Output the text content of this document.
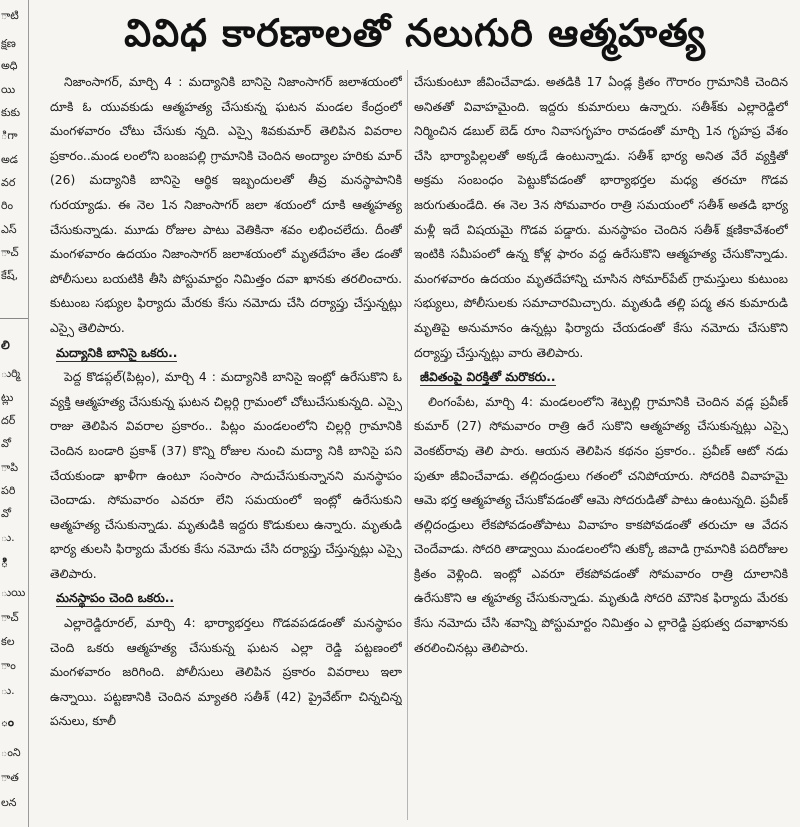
ాటి
క్షణ
అధి
యి
కుకు
ిగా
అడ
వర
రిం
ఎస్
ాచ్
కేష్,
లి
ుర్మి
ట్లు
దర్
వో
ాపి
పరి
వో
ు.
ి
ుయి
ాచ్
కల
ాం
ు.
ం
ంని
ాత
లన
వివిధ కారణాలతో నలుగురి ఆత్మహత్య

నిజాంసాగర్, మార్చి 4 : మద్యానికి బానిసై నిజాంసాగర్ జలాశయంలో దూకి ఓ యువకుడు ఆత్మహత్య చేసుకున్న ఘటన మండల కేంద్రంలో మంగళవారం చోటు చేసుకు న్నది. ఎస్సై శివకుమార్ తెలిపిన వివరాల ప్రకారం..మండ లంలోని బంజపల్లి గ్రామానికి చెందిన అంద్యాల హరికు మార్ (26) మద్యానికి బానిసై ఆర్థిక ఇబ్బందులతో తీవ్ర మనస్థాపానికి గురయ్యాడు. ఈ నెల 1న నిజాంసాగర్ జలా శయంలో దూకి ఆత్మహత్య చేసుకున్నాడు. మూడు రోజుల పాటు వెతికినా శవం లభించలేదు. దీంతో మంగళవారం ఉదయం నిజాంసాగర్ జలాశయంలో మృతదేహం తేల డంతో పోలీసులు బయటికి తీసి పోస్టుమార్టం నిమిత్తం దవా ఖానకు తరలించారు. కుటుంబ సభ్యుల ఫిర్యాదు మేరకు కేసు నమోదు చేసి దర్యాప్తు చేస్తున్నట్లు ఎస్సై తెలిపారు.

మద్యానికి బానిసై ఒకరు..

పెద్ద కొడప్గల్(పిట్లం), మార్చి 4 : మద్యానికి బానిసై ఇంట్లో ఉరేసుకొని ఓ వ్యక్తి ఆత్మహత్య చేసుకున్న ఘటన చిల్లర్గి గ్రామంలో చోటుచేసుకున్నది. ఎస్సై రాజు తెలిపిన వివరాల ప్రకారం.. పిట్లం మండలంలోని చిల్లర్గి గ్రామానికి చెందిన బండారి ప్రకాశ్ (37) కొన్ని రోజుల నుంచి మద్యా నికి బానిసై పని చేయకుండా ఖాళీగా ఉంటూ సంసారం సాదుచేసుకున్నానని మనస్థాపం చెందాడు. సోమవారం ఎవరూ లేని సమయంలో ఇంట్లో ఉరేసుకుని ఆత్మహత్య చేసుకున్నాడు. మృతుడికి ఇద్దరు కొడుకులు ఉన్నారు. మృతుడి భార్య తులసి ఫిర్యాదు మేరకు కేసు నమోదు చేసి దర్యాప్తు చేస్తున్నట్లు ఎస్సై తెలిపారు.

మనస్థాపం చెంది ఒకరు..

ఎల్లారెడ్డిరూరల్, మార్చి 4: భార్యాభర్తలు గొడవపడడంతో మనస్థాపం చెంది ఒకరు ఆత్మహత్య చేసుకున్న ఘటన ఎల్లా రెడ్డి పట్టణంలో మంగళవారం జరిగింది. పోలీసులు తెలిపిన ప్రకారం వివరాలు ఇలా ఉన్నాయి. పట్టణానికి చెందిన మ్యాతరి సతీశ్ (42) ప్రైవేట్‌గా చిన్నచిన్న పనులు, కూలీ

చేసుకుంటూ జీవించేవాడు. అతడికి 17 ఏండ్ల క్రితం గౌరారం గ్రామానికి చెందిన అనితతో వివాహమైంది. ఇద్దరు కుమారులు ఉన్నారు. సతీశ్‌కు ఎల్లారెడ్డిలో నిర్మించిన డబుల్ బెడ్ రూం నివాసగృహం రావడంతో మార్చి 1న గృహప్ర వేశం చేసి భార్యాపిల్లలతో అక్కడే ఉంటున్నాడు. సతీశ్ భార్య అనిత వేరే వ్యక్తితో అక్రమ సంబంధం పెట్టుకోవడంతో భార్యాభర్తల మధ్య తరచూ గొడవ జరుగుతుండేది. ఈ నెల 3న సోమవారం రాత్రి సమయంలో సతీశ్ అతడి భార్య మళ్లీ ఇదే విషయమై గొడవ పడ్డారు. మనస్థాపం చెందిన సతీశ్ క్షణికావేశంలో ఇంటికి సమీపంలో ఉన్న కోళ్ల ఫారం వద్ద ఉరేసుకొని ఆత్మహత్య చేసుకొన్నాడు. మంగళవారం ఉదయం మృతదేహాన్ని చూసిన సోమార్‌పేట్ గ్రామస్తులు కుటుంబ సభ్యులు, పోలీసులకు సమాచారమిచ్చారు. మృతుడి తల్లి పద్మ తన కుమారుడి మృతిపై అనుమానం ఉన్నట్లు ఫిర్యాదు చేయడంతో కేసు నమోదు చేసుకొని దర్యాప్తు చేస్తున్నట్లు వారు తెలిపారు.

జీవితంపై విరక్తితో మరొకరు..

లింగంపేట, మార్చి 4: మండలంలోని శెట్పల్లి గ్రామానికి చెందిన వడ్ల ప్రవీణ్ కుమార్ (27) సోమవారం రాత్రి ఉరే సుకొని ఆత్మహత్య చేసుకున్నట్లు ఎస్సై వెంకట్‌రావు తెలి పారు. ఆయన తెలిపిన కథనం ప్రకారం.. ప్రవీణ్ ఆటో నడు పుతూ జీవించేవాడు. తల్లిదండ్రులు గతంలో చనిపోయారు. సోదరికి వివాహమై ఆమె భర్త ఆత్మహత్య చేసుకోవడంతో ఆమె సోదరుడితో పాటు ఉంటున్నది. ప్రవీణ్ తల్లిదండ్రులు లేకపోవడంతోపాటు వివాహం కాకపోవడంతో తరుచూ ఆ వేదన చెందేవాడు. సోదరి తాడ్వాయి మండలంలోని తుక్కో జివాడి గ్రామానికి పదిరోజుల క్రితం వెళ్లింది. ఇంట్లో ఎవరూ లేకపోవడంతో సోమవారం రాత్రి దూలానికి ఉరేసుకొని ఆ త్మహత్య చేసుకున్నాడు. మృతుడి సోదరి మౌనిక ఫిర్యాదు మేరకు కేసు నమోదు చేసి శవాన్ని పోస్టుమార్టం నిమిత్తం ఎ ల్లారెడ్డి ప్రభుత్వ దవాఖానకు తరలించినట్లు తెలిపారు.
